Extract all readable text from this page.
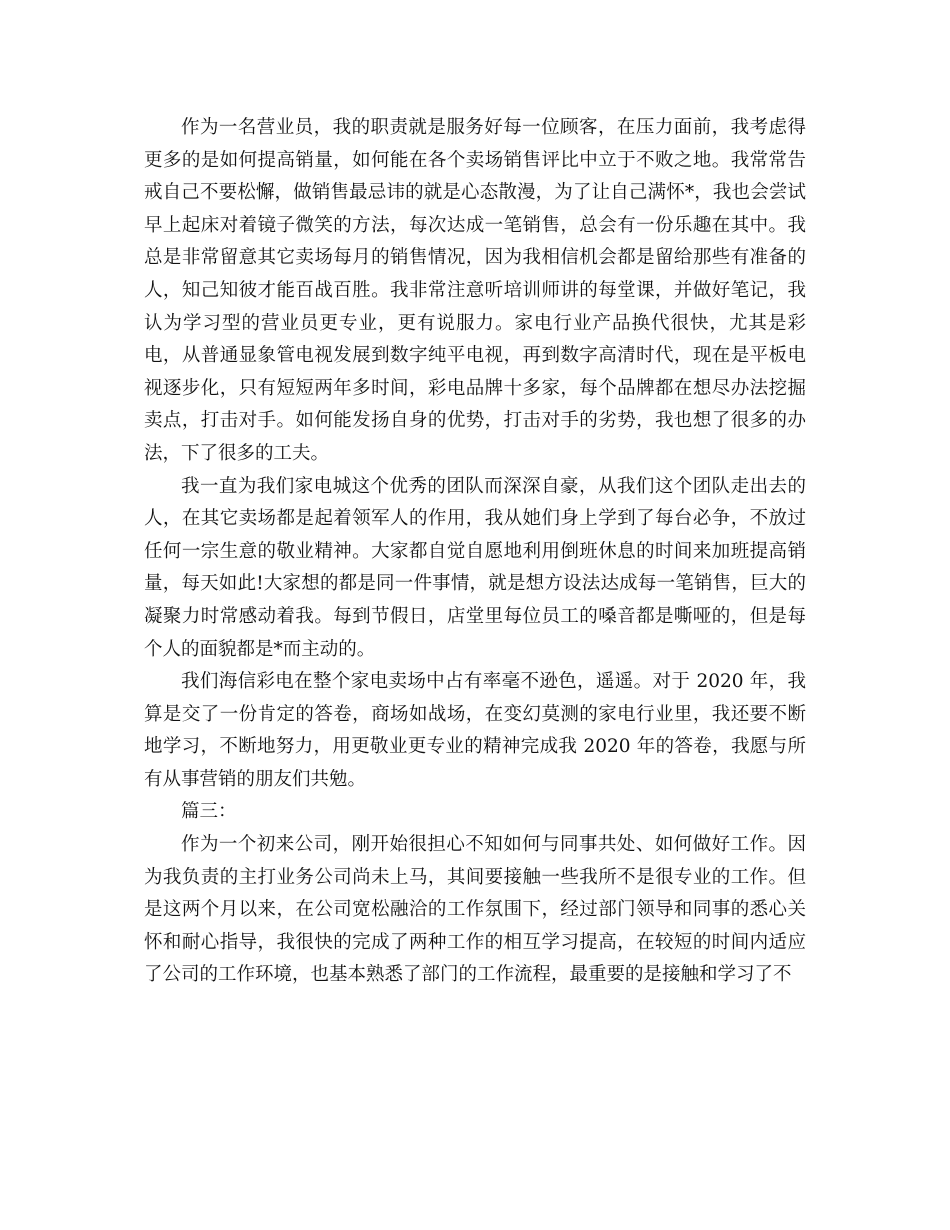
作为一名营业员，我的职责就是服务好每一位顾客，在压力面前，我考虑得更多的是如何提高销量，如何能在各个卖场销售评比中立于不败之地。我常常告戒自己不要松懈，做销售最忌讳的就是心态散漫，为了让自己满怀*，我也会尝试早上起床对着镜子微笑的方法，每次达成一笔销售，总会有一份乐趣在其中。我总是非常留意其它卖场每月的销售情况，因为我相信机会都是留给那些有准备的人，知己知彼才能百战百胜。我非常注意听培训师讲的每堂课，并做好笔记，我认为学习型的营业员更专业，更有说服力。家电行业产品换代很快，尤其是彩电，从普通显象管电视发展到数字纯平电视，再到数字高清时代，现在是平板电视逐步化，只有短短两年多时间，彩电品牌十多家，每个品牌都在想尽办法挖掘卖点，打击对手。如何能发扬自身的优势，打击对手的劣势，我也想了很多的办法，下了很多的工夫。

我一直为我们家电城这个优秀的团队而深深自豪，从我们这个团队走出去的人，在其它卖场都是起着领军人的作用，我从她们身上学到了每台必争，不放过任何一宗生意的敬业精神。大家都自觉自愿地利用倒班休息的时间来加班提高销量，每天如此!大家想的都是同一件事情，就是想方设法达成每一笔销售，巨大的凝聚力时常感动着我。每到节假日，店堂里每位员工的嗓音都是嘶哑的，但是每个人的面貌都是*而主动的。

我们海信彩电在整个家电卖场中占有率毫不逊色，遥遥。对于 2020 年，我算是交了一份肯定的答卷，商场如战场，在变幻莫测的家电行业里，我还要不断地学习，不断地努力，用更敬业更专业的精神完成我 2020 年的答卷，我愿与所有从事营销的朋友们共勉。

篇三：

作为一个初来公司，刚开始很担心不知如何与同事共处、如何做好工作。因为我负责的主打业务公司尚未上马，其间要接触一些我所不是很专业的工作。但是这两个月以来，在公司宽松融洽的工作氛围下，经过部门领导和同事的悉心关怀和耐心指导，我很快的完成了两种工作的相互学习提高，在较短的时间内适应了公司的工作环境，也基本熟悉了部门的工作流程，最重要的是接触和学习了不
